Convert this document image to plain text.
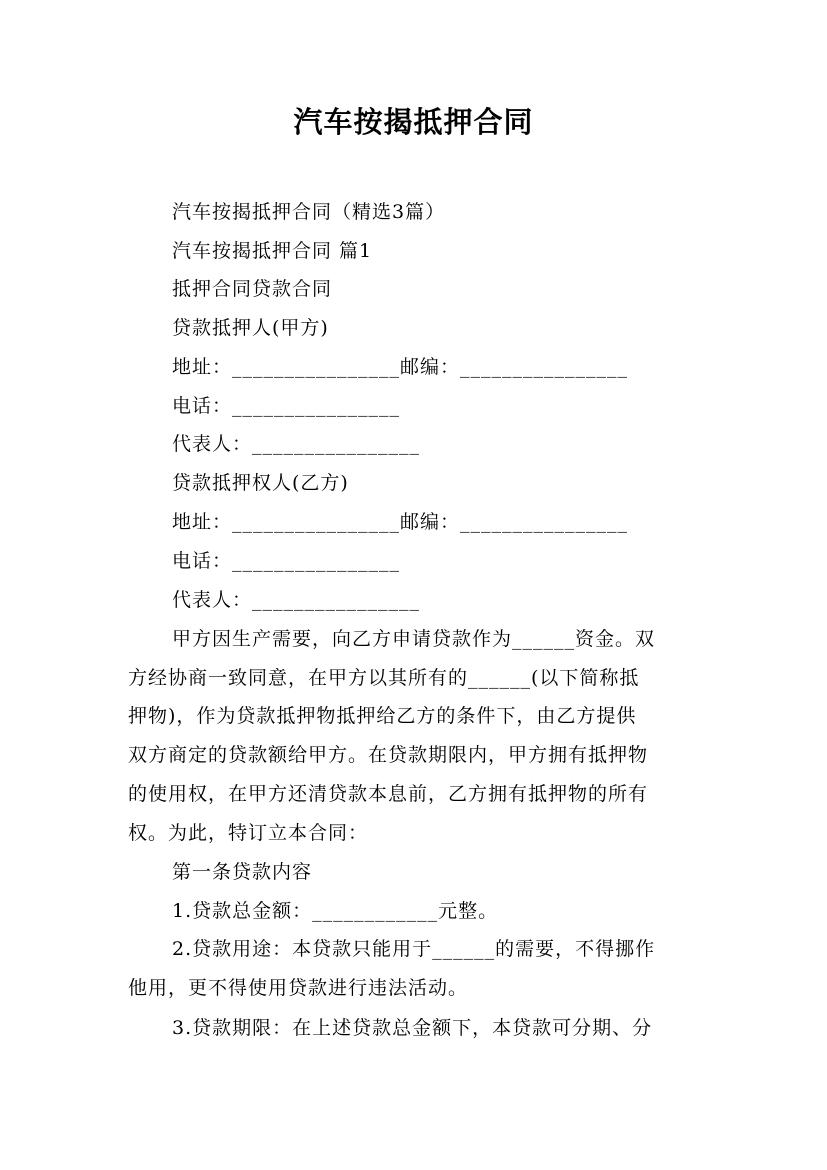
汽车按揭抵押合同
汽车按揭抵押合同（精选3篇）
汽车按揭抵押合同 篇1
抵押合同贷款合同
贷款抵押人(甲方)
地址：________________邮编：________________
电话：________________
代表人：________________
贷款抵押权人(乙方)
地址：________________邮编：________________
电话：________________
代表人：________________
甲方因生产需要，向乙方申请贷款作为______资金。双
方经协商一致同意，在甲方以其所有的______(以下简称抵
押物)，作为贷款抵押物抵押给乙方的条件下，由乙方提供
双方商定的贷款额给甲方。在贷款期限内，甲方拥有抵押物
的使用权，在甲方还清贷款本息前，乙方拥有抵押物的所有
权。为此，特订立本合同：
第一条贷款内容
1.贷款总金额：____________元整。
2.贷款用途：本贷款只能用于______的需要，不得挪作
他用，更不得使用贷款进行违法活动。
3.贷款期限：在上述贷款总金额下，本贷款可分期、分
